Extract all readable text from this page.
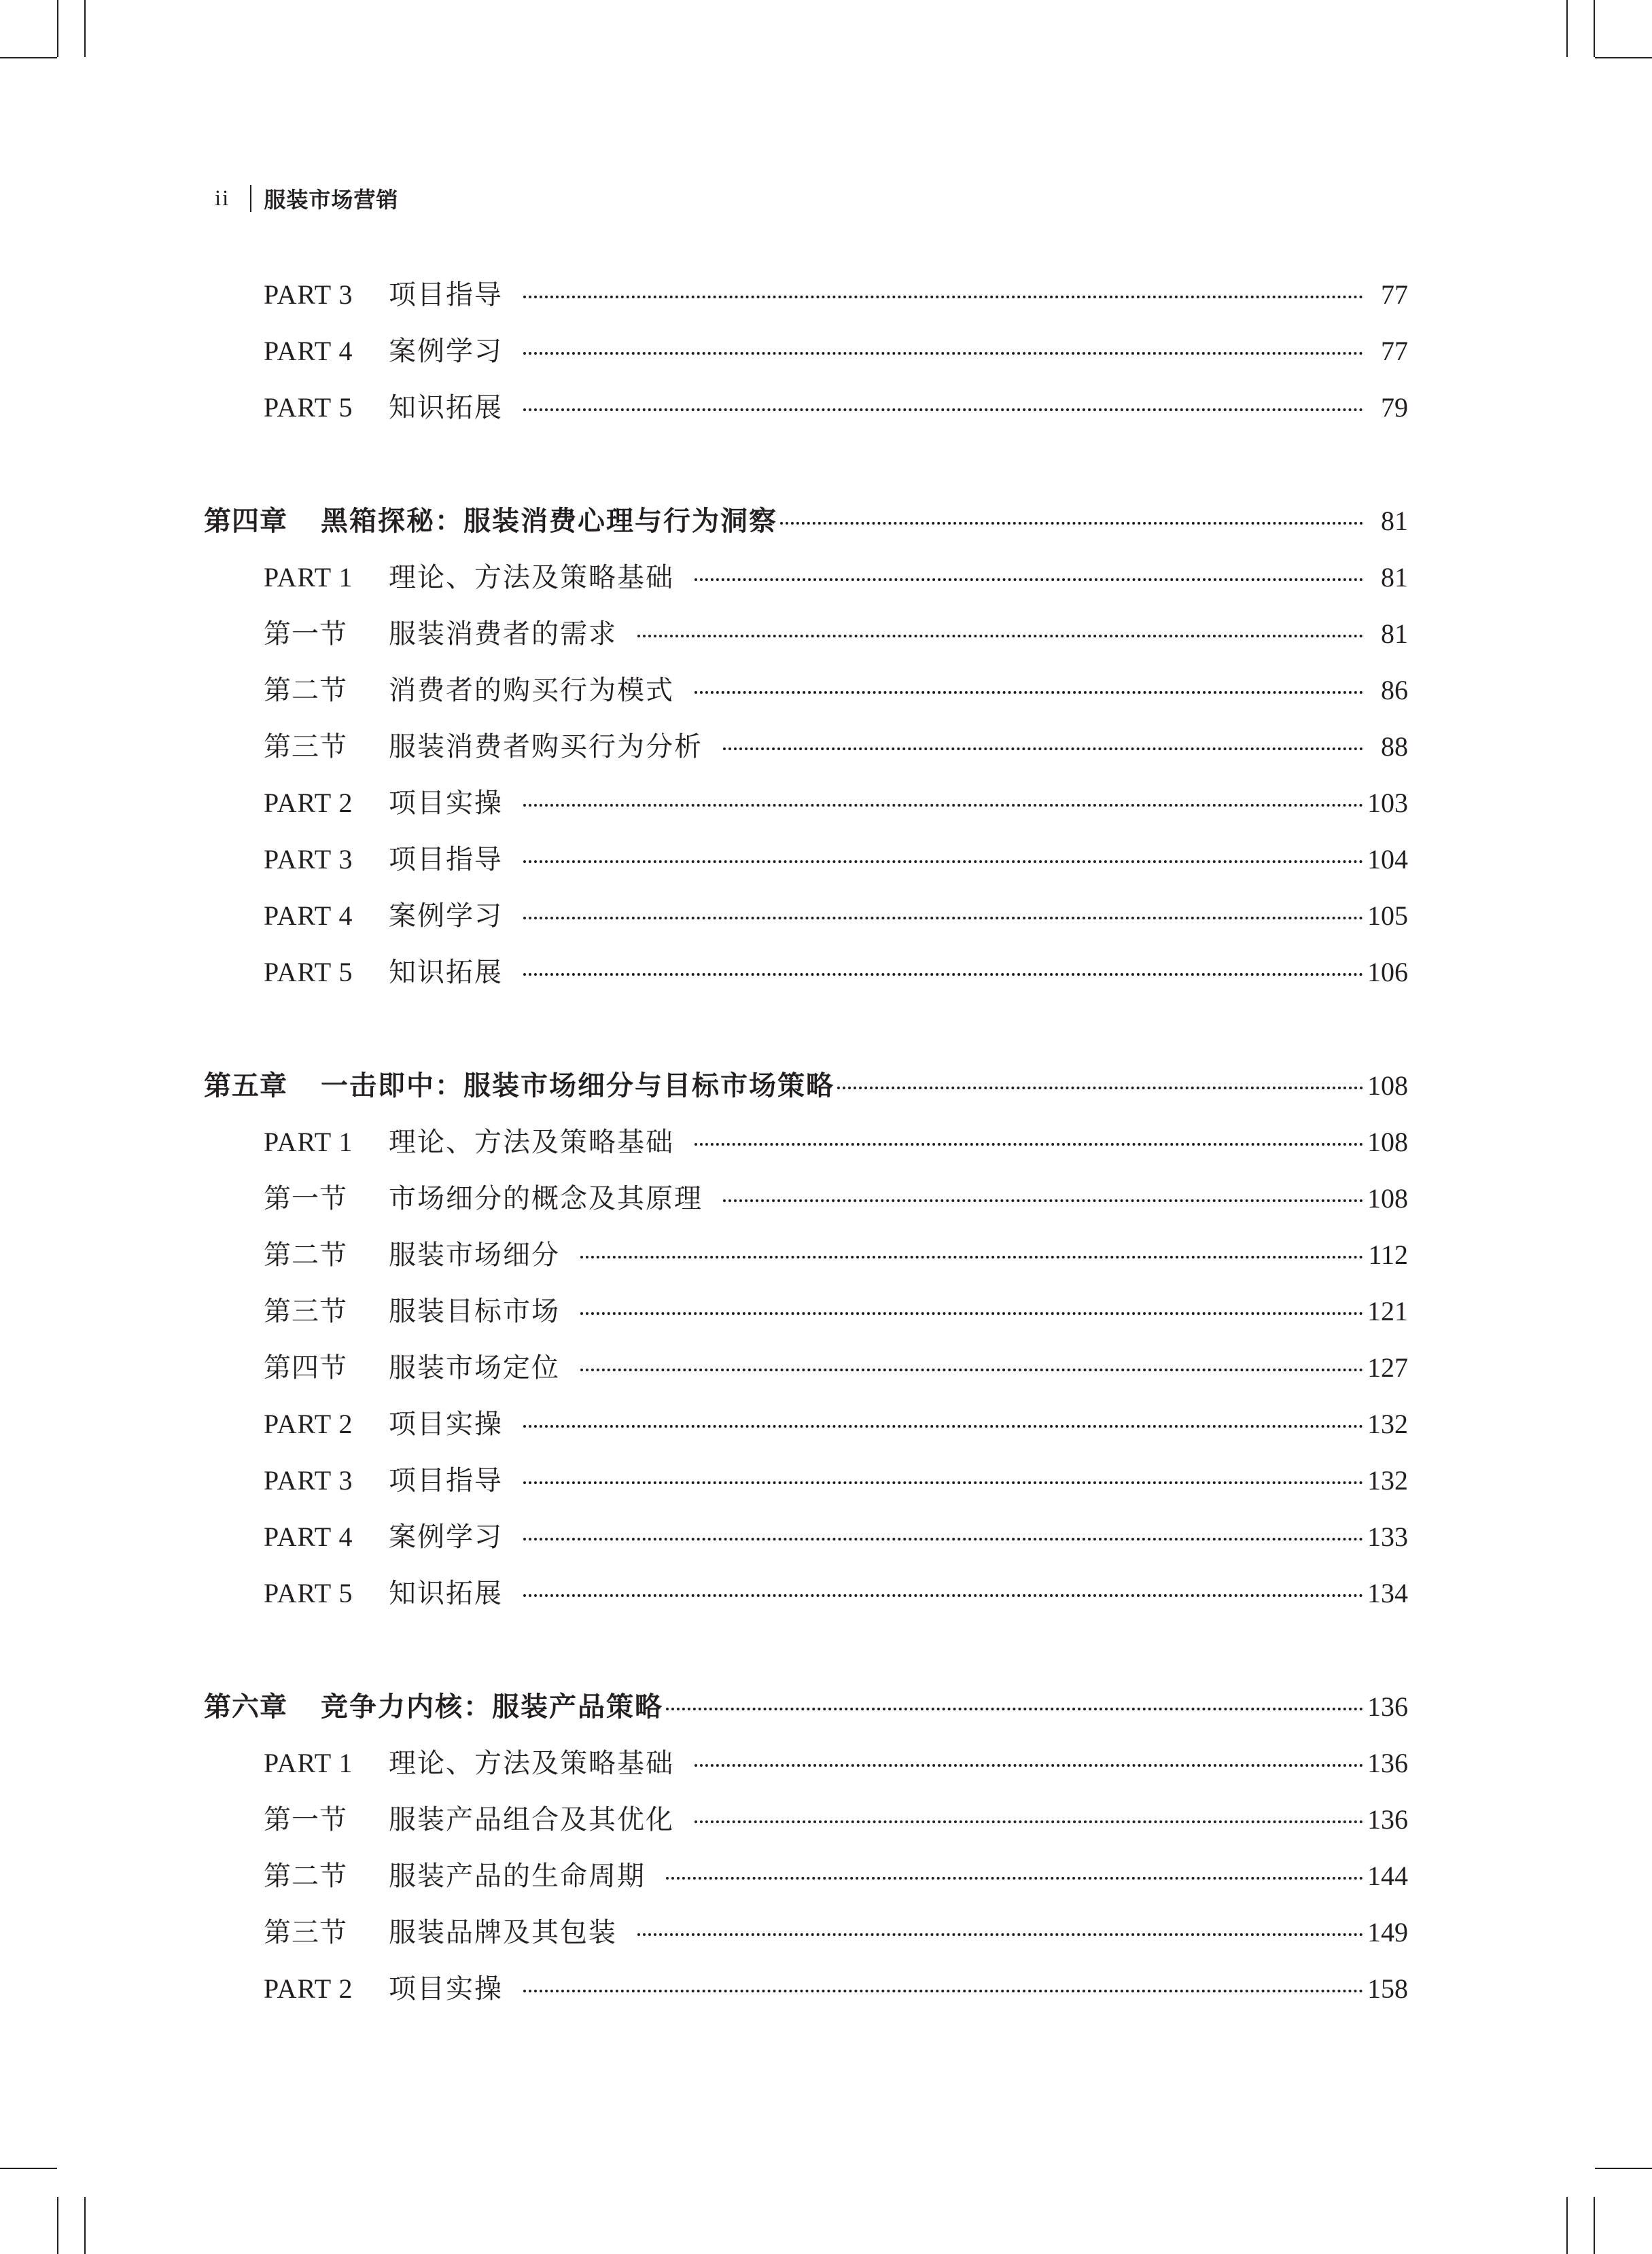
ii 服装市场营销
PART 3	项目指导	77
PART 4	案例学习	77
PART 5	知识拓展	79
第四章	黑箱探秘：服装消费心理与行为洞察	81
PART 1	理论、方法及策略基础	81
第一节	服装消费者的需求	81
第二节	消费者的购买行为模式	86
第三节	服装消费者购买行为分析	88
PART 2	项目实操	103
PART 3	项目指导	104
PART 4	案例学习	105
PART 5	知识拓展	106
第五章	一击即中：服装市场细分与目标市场策略	108
PART 1	理论、方法及策略基础	108
第一节	市场细分的概念及其原理	108
第二节	服装市场细分	112
第三节	服装目标市场	121
第四节	服装市场定位	127
PART 2	项目实操	132
PART 3	项目指导	132
PART 4	案例学习	133
PART 5	知识拓展	134
第六章	竞争力内核：服装产品策略	136
PART 1	理论、方法及策略基础	136
第一节	服装产品组合及其优化	136
第二节	服装产品的生命周期	144
第三节	服装品牌及其包装	149
PART 2	项目实操	158
